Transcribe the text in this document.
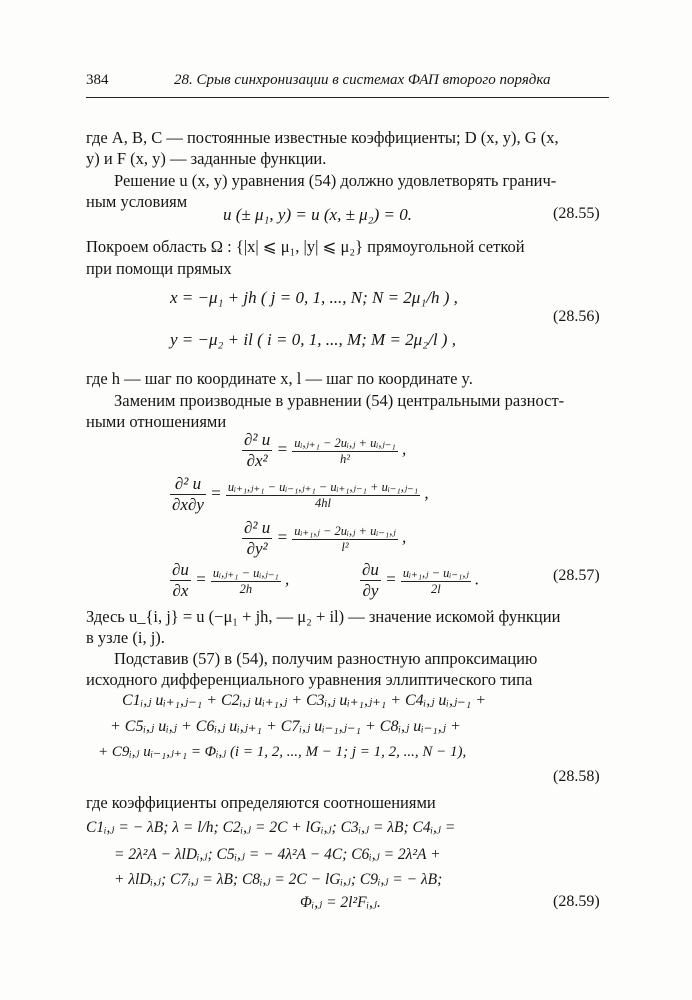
384	28. Срыв синхронизации в системах ФАП второго порядка
где A, B, C — постоянные известные коэффициенты; D (x, y), G (x,
y) и F (x, y) — заданные функции.
Решение u (x, y) уравнения (54) должно удовлетворять гранич-
ным условиям
u (± μ₁, y) = u (x, ± μ₂) = 0.	(28.55)
Покроем область Ω : {|x| ⩽ μ₁, |y| ⩽ μ₂} прямоугольной сеткой
при помощи прямых
x = −μ₁ + jh ( j = 0, 1, ..., N; N = 2μ₁/h ) ,
y = −μ₂ + il ( i = 0, 1, ..., M; M = 2μ₂/l ) ,
(28.56)
где h — шаг по координате x, l — шаг по координате y.
Заменим производные в уравнении (54) центральными разност-
ными отношениями
$\frac{\text{∂² u}}{\text{∂x²}} = \frac{\text{uᵢ,ⱼ₊₁ − 2uᵢ,ⱼ + uᵢ,ⱼ₋₁}}{\text{h²}}$ ,
$\frac{\text{∂² u}}{\partial x\partial y} = \frac{\text{uᵢ₊₁,ⱼ₊₁ − uᵢ₋₁,ⱼ₊₁ − uᵢ₊₁,ⱼ₋₁ + uᵢ₋₁,ⱼ₋₁}}{4hl}$ ,
$\frac{\text{∂² u}}{\text{∂y²}} = \frac{\text{uᵢ₊₁,ⱼ − 2uᵢ,ⱼ + uᵢ₋₁,ⱼ}}{\text{l²}}$ ,
$\frac{\partial u}{\partial x} = \frac{\text{uᵢ,ⱼ₊₁ − uᵢ,ⱼ₋₁}}{2h}$ ,	$\frac{\partial u}{\partial y} = \frac{\text{uᵢ₊₁,ⱼ − uᵢ₋₁,ⱼ}}{2l}$ .	(28.57)
Здесь u_{i, j} = u (−μ₁ + jh, — μ₂ + il) — значение искомой функции
в узле (i, j).
Подставив (57) в (54), получим разностную аппроксимацию
исходного дифференциального уравнения эллиптического типа
C1ᵢ,ⱼ uᵢ₊₁,ⱼ₋₁ + C2ᵢ,ⱼ uᵢ₊₁,ⱼ + C3ᵢ,ⱼ uᵢ₊₁,ⱼ₊₁ + C4ᵢ,ⱼ uᵢ,ⱼ₋₁ +
+ C5ᵢ,ⱼ uᵢ,ⱼ + C6ᵢ,ⱼ uᵢ,ⱼ₊₁ + C7ᵢ,ⱼ uᵢ₋₁,ⱼ₋₁ + C8ᵢ,ⱼ uᵢ₋₁,ⱼ +
+ C9ᵢ,ⱼ uᵢ₋₁,ⱼ₊₁ = Φᵢ,ⱼ (i = 1, 2, ..., M − 1; j = 1, 2, ..., N − 1),
(28.58)
где коэффициенты определяются соотношениями
C1ᵢ,ⱼ = − λB; λ = l/h; C2ᵢ,ⱼ = 2C + lGᵢ,ⱼ; C3ᵢ,ⱼ = λB; C4ᵢ,ⱼ =
= 2λ²A − λlDᵢ,ⱼ; C5ᵢ,ⱼ = − 4λ²A − 4C; C6ᵢ,ⱼ = 2λ²A +
+ λlDᵢ,ⱼ; C7ᵢ,ⱼ = λB; C8ᵢ,ⱼ = 2C − lGᵢ,ⱼ; C9ᵢ,ⱼ = − λB;
Φᵢ,ⱼ = 2l²Fᵢ,ⱼ.	(28.59)
